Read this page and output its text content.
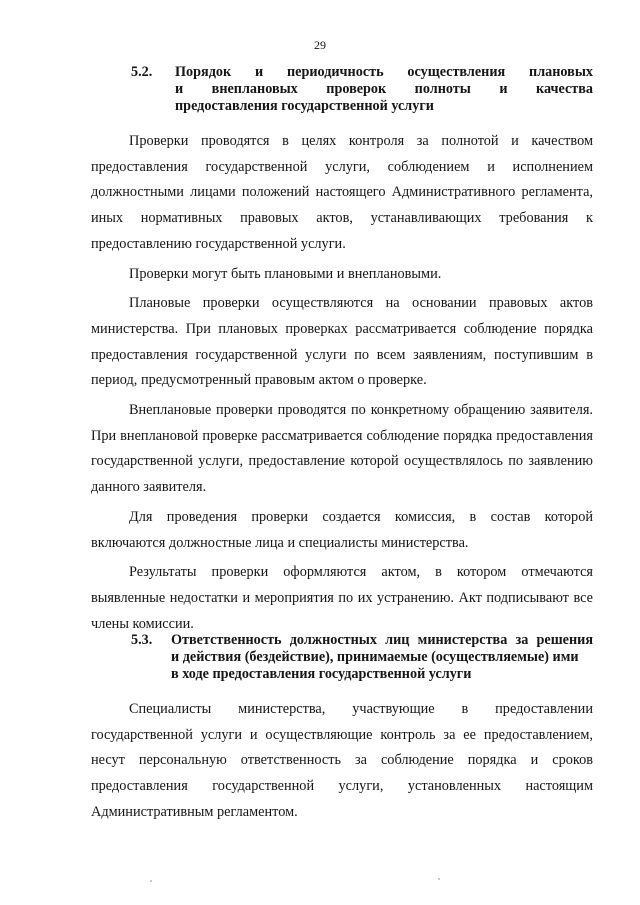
29
5.2. Порядок и периодичность осуществления плановых
и внеплановых проверок полноты и качества
предоставления государственной услуги

Проверки проводятся в целях контроля за полнотой и качеством предоставления государственной услуги, соблюдением и исполнением должностными лицами положений настоящего Административного регламента, иных нормативных правовых актов, устанавливающих требования к предоставлению государственной услуги.

Проверки могут быть плановыми и внеплановыми.

Плановые проверки осуществляются на основании правовых актов министерства. При плановых проверках рассматривается соблюдение порядка предоставления государственной услуги по всем заявлениям, поступившим в период, предусмотренный правовым актом о проверке.

Внеплановые проверки проводятся по конкретному обращению заявителя. При внеплановой проверке рассматривается соблюдение порядка предоставления государственной услуги, предоставление которой осуществлялось по заявлению данного заявителя.

Для проведения проверки создается комиссия, в состав которой включаются должностные лица и специалисты министерства.

Результаты проверки оформляются актом, в котором отмечаются выявленные недостатки и мероприятия по их устранению. Акт подписывают все члены комиссии.

5.3. Ответственность должностных лиц министерства за решения
и действия (бездействие), принимаемые (осуществляемые) ими
в ходе предоставления государственной услуги

Специалисты министерства, участвующие в предоставлении государственной услуги и осуществляющие контроль за ее предоставлением, несут персональную ответственность за соблюдение порядка и сроков предоставления государственной услуги, установленных настоящим Административным регламентом.
